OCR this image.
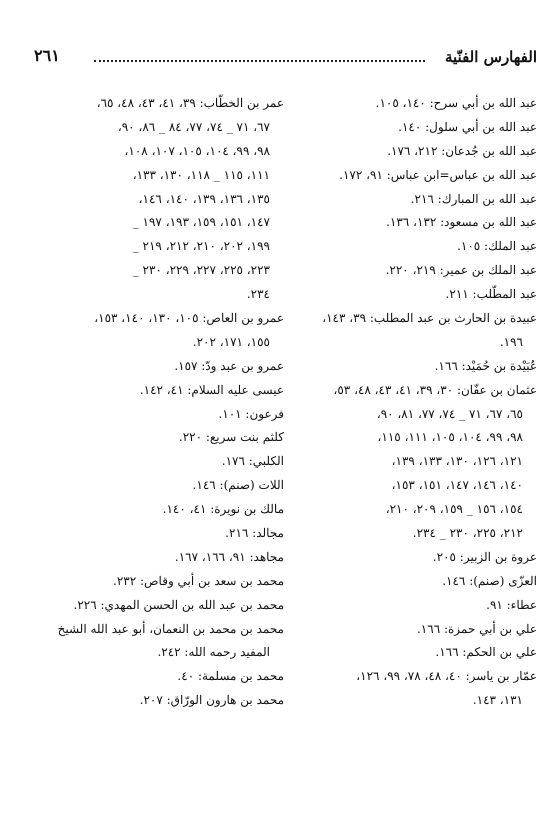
الفهارس الفنّية
٢٦١
عبد الله بن أبي سرح: ١٤٠، ١٠٥.
عبد الله بن أبي سلول: ١٤٠.
عبد الله بن جُدعان: ٢١٢، ١٧٦.
عبد الله بن عباس=ابن عباس: ٩١، ١٧٢.
عبد الله بن المبارك: ٢١٦.
عبد الله بن مسعود: ١٣٢، ١٣٦.
عبد الملك: ١٠٥.
عبد الملك بن عمير: ٢١٩، ٢٢٠.
عبد المطّلب: ٢١١.
عبيدة بن الحارث بن عبد المطلب: ٣٩، ١٤٣،
١٩٦.
عُبَيْدة بن حُمَيْد: ١٦٦.
عثمان بن عفّان: ٣٠، ٣٩، ٤١، ٤٣، ٤٨، ٥٣،
٦٥، ٦٧، ٧١ _ ٧٤، ٧٧، ٨١، ٩٠،
٩٨، ٩٩، ١٠٤، ١٠٥، ١١١، ١١٥،
١٢١، ١٢٦، ١٣٠، ١٣٣، ١٣٩،
١٤٠، ١٤٦، ١٤٧، ١٥١، ١٥٣،
١٥٤، ١٥٦ _ ١٥٩، ٢٠٩، ٢١٠،
٢١٢، ٢٢٥، ٢٣٠ _ ٢٣٤.
عروة بن الزبير: ٢٠٥.
العزّى (صنم): ١٤٦.
عطاء: ٩١.
علي بن أبي حمزة: ١٦٦.
علي بن الحكم: ١٦٦.
عمّار بن ياسر: ٤٠، ٤٨، ٧٨، ٩٩، ١٢٦،
١٣١، ١٤٣.
عمر بن الخطّاب: ٣٩، ٤١، ٤٣، ٤٨، ٦٥،
٦٧، ٧١ _ ٧٤، ٧٧، ٨٤ _ ٨٦، ٩٠،
٩٨، ٩٩، ١٠٤، ١٠٥، ١٠٧، ١٠٨،
١١١، ١١٥ _ ١١٨، ١٣٠، ١٣٣،
١٣٥، ١٣٦، ١٣٩، ١٤٠، ١٤٦،
١٤٧، ١٥١، ١٥٩، ١٩٣، ١٩٧ _
١٩٩، ٢٠٢، ٢١٠، ٢١٢، ٢١٩ _
٢٢٣، ٢٢٥، ٢٢٧، ٢٢٩، ٢٣٠ _
٢٣٤.
عمرو بن العاص: ١٠٥، ١٣٠، ١٤٠، ١٥٣،
١٥٥، ١٧١، ٢٠٢.
عمرو بن عبد ودّ: ١٥٧.
عيسى عليه السلام: ٤١، ١٤٢.
فرعون: ١٠١.
كلثم بنت سريع: ٢٢٠.
الكلبي: ١٧٦.
اللات (صنم): ١٤٦.
مالك بن نويرة: ٤١، ١٤٠.
مجالد: ٢١٦.
مجاهد: ٩١، ١٦٦، ١٦٧.
محمد بن سعد بن أبي وقاص: ٢٣٢.
محمد بن عبد الله بن الحسن المهدي: ٢٢٦.
محمد بن محمد بن النعمان، أبو عبد الله الشيخ
المفيد رحمه الله: ٢٤٢.
محمد بن مسلمة: ٤٠.
محمد بن هارون الورّاق: ٢٠٧.
